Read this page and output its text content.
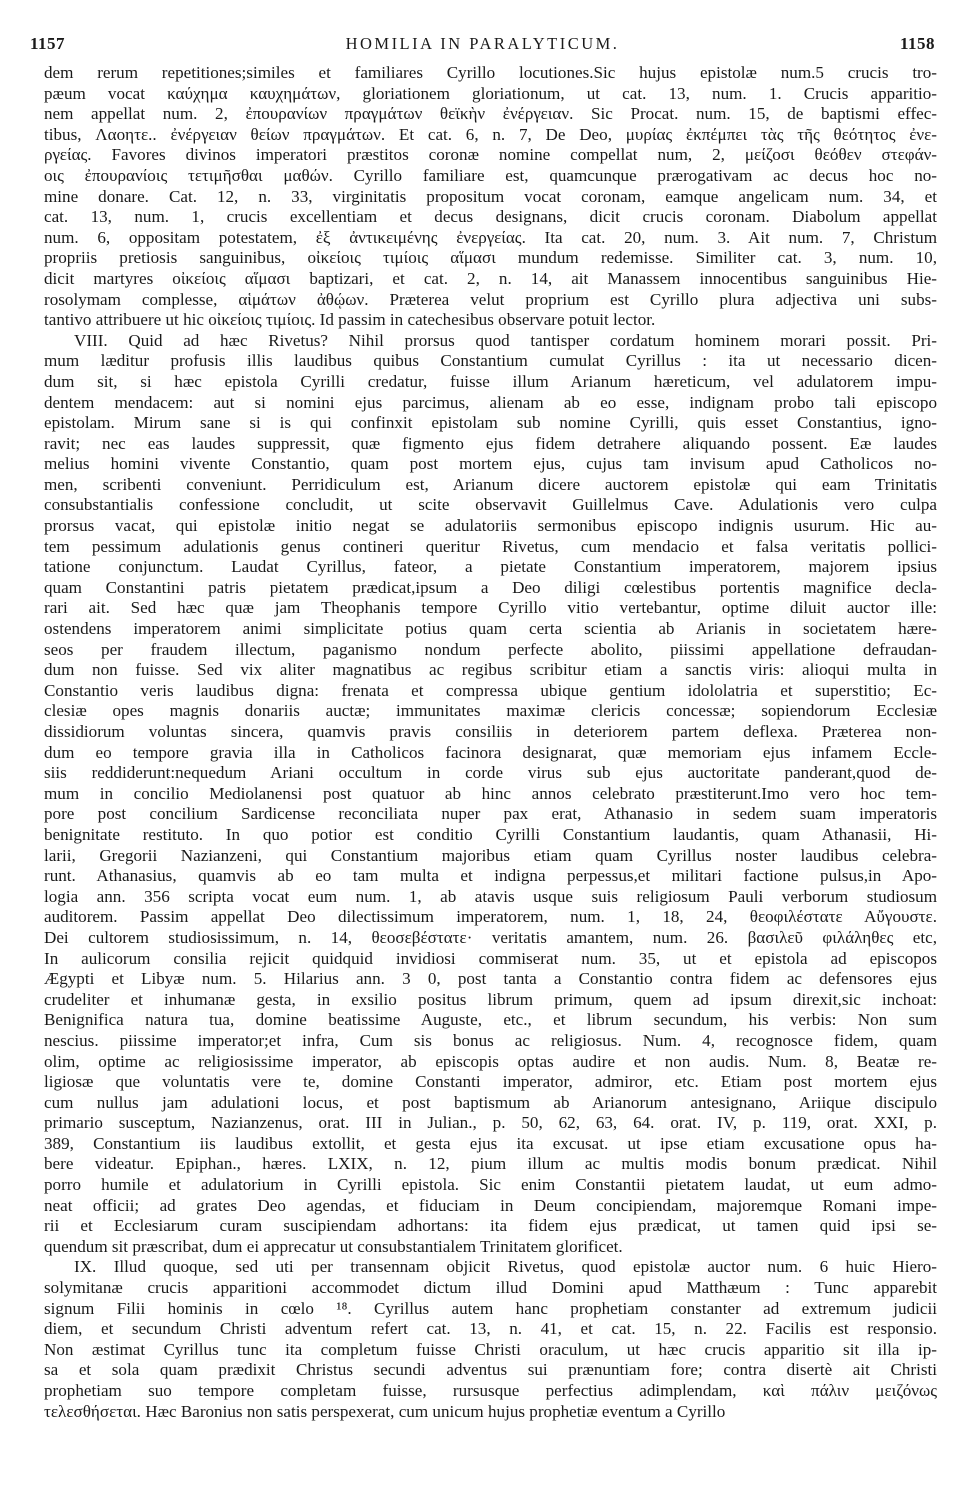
1157	HOMILIA IN PARALYTICUM.	1158

dem rerum repetitiones;similes et familiares Cyrillo locutiones.Sic hujus epistolæ num.5 crucis tro-
pæum vocat καύχημα καυχημάτων, gloriationem gloriationum, ut cat. 13, num. 1. Crucis apparitio-
nem appellat num. 2, ἐπουρανίων πραγμάτων θεϊκὴν ἐνέργειαν. Sic Procat. num. 15, de baptismi effec-
tibus, Λαοητε.. ἐνέργειαν θείων πραγμάτων. Et cat. 6, n. 7, De Deo, μυρίας ἐκπέμπει τὰς τῆς θεότητος ἐνε-
ργείας. Favores divinos imperatori præstitos coronæ nomine compellat num, 2, μείζοσι θεόθεν στεφάν-
οις ἐπουρανίοις τετιμῆσθαι μαθών. Cyrillo familiare est, quamcunque prærogativam ac decus hoc no-
mine donare. Cat. 12, n. 33, virginitatis propositum vocat coronam, eamque angelicam num. 34, et
cat. 13, num. 1, crucis excellentiam et decus designans, dicit crucis coronam. Diabolum appellat
num. 6, oppositam potestatem, ἐξ ἀντικειμένης ἐνεργείας. Ita cat. 20, num. 3. Ait num. 7, Christum
propriis pretiosis sanguinibus, οἰκείοις τιμίοις αἵμασι mundum redemisse. Similiter cat. 3, num. 10,
dicit martyres οἰκείοις αἵμασι baptizari, et cat. 2, n. 14, ait Manassem innocentibus sanguinibus Hie-
rosolymam complesse, αἱμάτων ἀθῴων. Præterea velut proprium est Cyrillo plura adjectiva uni subs-
tantivo attribuere ut hic οἰκείοις τιμίοις. Id passim in catechesibus observare potuit lector.

VIII. Quid ad hæc Rivetus? Nihil prorsus quod tantisper cordatum hominem morari possit. Pri-
mum læditur profusis illis laudibus quibus Constantium cumulat Cyrillus : ita ut necessario dicen-
dum sit, si hæc epistola Cyrilli credatur, fuisse illum Arianum hæreticum, vel adulatorem impu-
dentem mendacem: aut si nomini ejus parcimus, alienam ab eo esse, indignam probo tali episcopo
epistolam. Mirum sane si is qui confinxit epistolam sub nomine Cyrilli, quis esset Constantius, igno-
ravit; nec eas laudes suppressit, quæ figmento ejus fidem detrahere aliquando possent. Eæ laudes
melius homini vivente Constantio, quam post mortem ejus, cujus tam invisum apud Catholicos no-
men, scribenti conveniunt. Perridiculum est, Arianum dicere auctorem epistolæ qui eam Trinitatis
consubstantialis confessione concludit, ut scite observavit Guillelmus Cave. Adulationis vero culpa
prorsus vacat, qui epistolæ initio negat se adulatoriis sermonibus episcopo indignis usurum. Hic au-
tem pessimum adulationis genus contineri queritur Rivetus, cum mendacio et falsa veritatis pollici-
tatione conjunctum. Laudat Cyrillus, fateor, a pietate Constantium imperatorem, majorem ipsius
quam Constantini patris pietatem prædicat,ipsum a Deo diligi cœlestibus portentis magnifice decla-
rari ait. Sed hæc quæ jam Theophanis tempore Cyrillo vitio vertebantur, optime diluit auctor ille:
ostendens imperatorem animi simplicitate potius quam certa scientia ab Arianis in societatem hære-
seos per fraudem illectum, paganismo nondum perfecte abolito, piissimi appellatione defraudan-
dum non fuisse. Sed vix aliter magnatibus ac regibus scribitur etiam a sanctis viris: alioqui multa in
Constantio veris laudibus digna: frenata et compressa ubique gentium idololatria et superstitio; Ec-
clesiæ opes magnis donariis auctæ; immunitates maximæ clericis concessæ; sopiendorum Ecclesiæ
dissidiorum voluntas sincera, quamvis pravis consiliis in deteriorem partem deflexa. Præterea non-
dum eo tempore gravia illa in Catholicos facinora designarat, quæ memoriam ejus infamem Eccle-
siis reddiderunt:nequedum Ariani occultum in corde virus sub ejus auctoritate panderant,quod de-
mum in concilio Mediolanensi post quatuor ab hinc annos celebrato præstiterunt.Imo vero hoc tem-
pore post concilium Sardicense reconciliata nuper pax erat, Athanasio in sedem suam imperatoris
benignitate restituto. In quo potior est conditio Cyrilli Constantium laudantis, quam Athanasii, Hi-
larii, Gregorii Nazianzeni, qui Constantium majoribus etiam quam Cyrillus noster laudibus celebra-
runt. Athanasius, quamvis ab eo tam multa et indigna perpessus,et militari factione pulsus,in Apo-
logia ann. 356 scripta vocat eum num. 1, ab atavis usque suis religiosum Pauli verborum studiosum
auditorem. Passim appellat Deo dilectissimum imperatorem, num. 1, 18, 24, θεοφιλέστατε Αὔγουστε.
Dei cultorem studiosissimum, n. 14, θεοσεβέστατε· veritatis amantem, num. 26. βασιλεῦ φιλάληθες etc,
In aulicorum consilia rejicit quidquid invidiosi commiserat num. 35, ut et epistola ad episcopos
Ægypti et Libyæ num. 5. Hilarius ann. 3 0, post tanta a Constantio contra fidem ac defensores ejus
crudeliter et inhumanæ gesta, in exsilio positus librum primum, quem ad ipsum direxit,sic inchoat:
Benignifica natura tua, domine beatissime Auguste, etc., et librum secundum, his verbis: Non sum
nescius. piissime imperator;et infra, Cum sis bonus ac religiosus. Num. 4, recognosce fidem, quam
olim, optime ac religiosissime imperator, ab episcopis optas audire et non audis. Num. 8, Beatæ re-
ligiosæ que voluntatis vere te, domine Constanti imperator, admiror, etc. Etiam post mortem ejus
cum nullus jam adulationi locus, et post baptismum ab Arianorum antesignano, Ariique discipulo
primario susceptum, Nazianzenus, orat. III in Julian., p. 50, 62, 63, 64. orat. IV, p. 119, orat. XXI, p.
389, Constantium iis laudibus extollit, et gesta ejus ita excusat. ut ipse etiam excusatione opus ha-
bere videatur. Epiphan., hæres. LXIX, n. 12, pium illum ac multis modis bonum prædicat. Nihil
porro humile et adulatorium in Cyrilli epistola. Sic enim Constantii pietatem laudat, ut eum admo-
neat officii; ad grates Deo agendas, et fiduciam in Deum concipiendam, majoremque Romani impe-
rii et Ecclesiarum curam suscipiendam adhortans: ita fidem ejus prædicat, ut tamen quid ipsi se-
quendum sit præscribat, dum ei apprecatur ut consubstantialem Trinitatem glorificet.

IX. Illud quoque, sed uti per transennam objicit Rivetus, quod epistolæ auctor num. 6 huic Hiero-
solymitanæ crucis apparitioni accommodet dictum illud Domini apud Matthæum : Tunc apparebit
signum Filii hominis in cœlo ¹⁸. Cyrillus autem hanc prophetiam constanter ad extremum judicii
diem, et secundum Christi adventum refert cat. 13, n. 41, et cat. 15, n. 22. Facilis est responsio.
Non æstimat Cyrillus tunc ita completum fuisse Christi oraculum, ut hæc crucis apparitio sit illa ip-
sa et sola quam prædixit Christus secundi adventus sui prænuntiam fore; contra disertè ait Christi
prophetiam suo tempore completam fuisse, rursusque perfectius adimplendam, καὶ πάλιν μειζόνως
τελεσθήσεται. Hæc Baronius non satis perspexerat, cum unicum hujus prophetiæ eventum a Cyrillo
